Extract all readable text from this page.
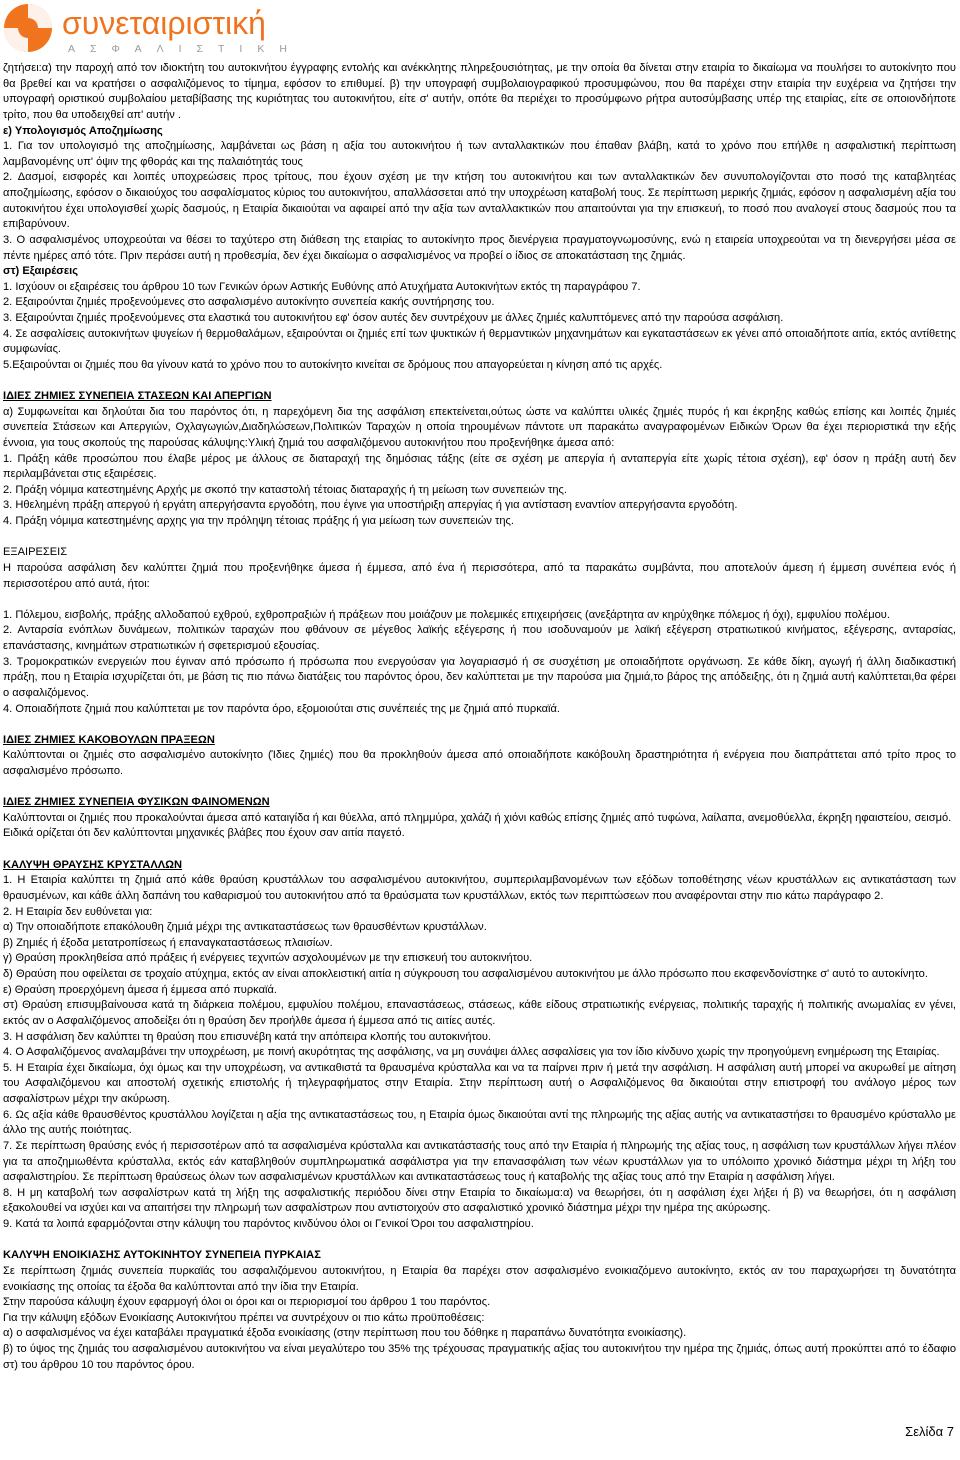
συνεταιριστική
ΑΣΦΑΛΙΣΤΙΚΗ

ζητήσει:α) την παροχή από τον ιδιοκτήτη του αυτοκινήτου έγγραφης εντολής και ανέκκλητης πληρεξουσιότητας, με την οποία θα δίνεται στην εταιρία το δικαίωμα να πουλήσει το αυτοκίνητο που θα βρεθεί και να κρατήσει ο ασφαλιζόμενος το τίμημα, εφόσον το επιθυμεί. β) την υπογραφή συμβολαιογραφικού προσυμφώνου, που θα παρέχει στην εταιρία την ευχέρεια να ζητήσει την υπογραφή οριστικού συμβολαίου μεταβίβασης της κυριότητας του αυτοκινήτου, είτε σ' αυτήν, οπότε θα περιέχει το προσύμφωνο ρήτρα αυτοσύμβασης υπέρ της εταιρίας, είτε σε οποιονδήποτε τρίτο, που θα υποδειχθεί απ' αυτήν .

ε) Υπολογισμός Αποζημίωσης

1. Για τον υπολογισμό της αποζημίωσης, λαμβάνεται ως βάση η αξία του αυτοκινήτου ή των ανταλλακτικών που έπαθαν βλάβη, κατά το χρόνο που επήλθε η ασφαλιστική περίπτωση λαμβανομένης υπ' όψιν της φθοράς και της παλαιότητάς τους

2. Δασμοί, εισφορές και λοιπές υποχρεώσεις προς τρίτους, που έχουν σχέση με την κτήση του αυτοκινήτου και των ανταλλακτικών δεν συνυπολογίζονται στο ποσό της καταβλητέας αποζημίωσης, εφόσον ο δικαιούχος του ασφαλίσματος κύριος του αυτοκινήτου, απαλλάσσεται από την υποχρέωση καταβολή τους. Σε περίπτωση μερικής ζημιάς, εφόσον η ασφαλισμένη αξία του αυτοκινήτου έχει υπολογισθεί χωρίς δασμούς, η Εταιρία δικαιούται να αφαιρεί από την αξία των ανταλλακτικών που απαιτούνται για την επισκευή, το ποσό που αναλογεί στους δασμούς που τα επιβαρύνουν.

3. Ο ασφαλισμένος υποχρεούται να θέσει το ταχύτερο στη διάθεση της εταιρίας το αυτοκίνητο προς διενέργεια πραγματογνωμοσύνης, ενώ η εταιρεία υποχρεούται να τη διενεργήσει μέσα σε πέντε ημέρες από τότε. Πριν περάσει αυτή η προθεσμία, δεν έχει δικαίωμα ο ασφαλισμένος να προβεί ο ίδιος σε αποκατάσταση της ζημιάς.

στ) Εξαιρέσεις

1. Ισχύουν οι εξαιρέσεις του άρθρου 10 των Γενικών όρων Αστικής Ευθύνης από Ατυχήματα Αυτοκινήτων εκτός τη παραγράφου 7.

2. Εξαιρούνται ζημιές προξενούμενες στο ασφαλισμένο αυτοκίνητο συνεπεία κακής συντήρησης του.

3. Εξαιρούνται ζημιές προξενούμενες στα ελαστικά του αυτοκινήτου εφ' όσον αυτές δεν συντρέχουν με άλλες ζημιές καλυπτόμενες από την παρούσα ασφάλιση.

4. Σε ασφαλίσεις αυτοκινήτων ψυγείων ή θερμοθαλάμων, εξαιρούνται οι ζημιές επί των ψυκτικών ή θερμαντικών μηχανημάτων και εγκαταστάσεων εκ γένει από οποιαδήποτε αιτία, εκτός αντίθετης συμφωνίας.

5.Εξαιρούνται οι ζημιές που θα γίνουν κατά το χρόνο που το αυτοκίνητο κινείται σε δρόμους που απαγορεύεται η κίνηση από τις αρχές.

ΙΔΙΕΣ ΖΗΜΙΕΣ ΣΥΝΕΠΕΙΑ ΣΤΑΣΕΩΝ ΚΑΙ ΑΠΕΡΓΙΩΝ

α) Συμφωνείται και δηλούται δια του παρόντος ότι, η παρεχόμενη δια της ασφάλιση επεκτείνεται,ούτως ώστε να καλύπτει υλικές ζημιές πυρός ή και έκρηξης καθώς επίσης και λοιπές ζημιές συνεπεία Στάσεων και Απεργιών, Οχλαγωγιών,Διαδηλώσεων,Πολιτικών Ταραχών η οποία τηρουμένων πάντοτε υπ παρακάτω αναγραφομένων Ειδικών Όρων θα έχει περιοριστικά την εξής έννοια, για τους σκοπούς της παρούσας κάλυψης:Υλική ζημιά του ασφαλιζόμενου αυτοκινήτου που προξενήθηκε άμεσα από:

1. Πράξη κάθε προσώπου που έλαβε μέρος με άλλους σε διαταραχή της δημόσιας τάξης (είτε σε σχέση με απεργία ή ανταπεργία είτε χωρίς τέτοια σχέση), εφ' όσον η πράξη αυτή δεν περιλαμβάνεται στις εξαιρέσεις.

2. Πράξη νόμιμα κατεστημένης Αρχής με σκοπό την καταστολή τέτοιας διαταραχής ή τη μείωση των συνεπειών της.

3. Ηθελημένη πράξη απεργού ή εργάτη απεργήσαντα εργοδότη, που έγινε για υποστήριξη απεργίας ή για αντίσταση εναντίον απεργήσαντα εργοδότη.

4. Πράξη νόμιμα κατεστημένης αρχης για την πρόληψη τέτοιας πράξης ή για μείωση των συνεπειών της.

ΕΞΑΙΡΕΣΕΙΣ

Η παρούσα ασφάλιση δεν καλύπτει ζημιά που προξενήθηκε άμεσα ή έμμεσα, από ένα ή περισσότερα, από τα παρακάτω συμβάντα, που αποτελούν άμεση ή έμμεση συνέπεια ενός ή περισσοτέρου από αυτά, ήτοι:

1. Πόλεμου, εισβολής, πράξης αλλοδαπού εχθρού, εχθροπραξιών ή πράξεων που μοιάζουν με πολεμικές επιχειρήσεις (ανεξάρτητα αν κηρύχθηκε πόλεμος ή όχι), εμφυλίου πολέμου.

2. Ανταρσία ενόπλων δυνάμεων, πολιτικών ταραχών που φθάνουν σε μέγεθος λαϊκής εξέγερσης ή που ισοδυναμούν με λαϊκή εξέγερση στρατιωτικού κινήματος, εξέγερσης, ανταρσίας, επανάστασης, κινημάτων στρατιωτικών ή σφετερισμού εξουσίας.

3. Τρομοκρατικών ενεργειών που έγιναν από πρόσωπο ή πρόσωπα που ενεργούσαν για λογαριασμό ή σε συσχέτιση με οποιαδήποτε οργάνωση. Σε κάθε δίκη, αγωγή ή άλλη διαδικαστική πράξη, που η Εταιρία ισχυρίζεται ότι, με βάση τις πιο πάνω διατάξεις του παρόντος όρου, δεν καλύπτεται με την παρούσα μια ζημιά,το βάρος της απόδειξης, ότι η ζημιά αυτή καλύπτεται,θα φέρει ο ασφαλιζόμενος.

4. Οποιαδήποτε ζημιά που καλύπτεται με τον παρόντα όρο, εξομοιούται στις συνέπειές της με ζημιά από πυρκαϊά.

ΙΔΙΕΣ ΖΗΜΙΕΣ ΚΑΚΟΒΟΥΛΩΝ ΠΡΑΞΕΩΝ

Καλύπτονται οι ζημιές στο ασφαλισμένο αυτοκίνητο (Ίδιες ζημιές) που θα προκληθούν άμεσα από οποιαδήποτε κακόβουλη δραστηριότητα ή ενέργεια που διαπράττεται από τρίτο προς το ασφαλισμένο πρόσωπο.

ΙΔΙΕΣ ΖΗΜΙΕΣ ΣΥΝΕΠΕΙΑ ΦΥΣΙΚΩΝ ΦΑΙΝΟΜΕΝΩΝ

Καλύπτονται οι ζημιές που προκαλούνται άμεσα από καταιγίδα ή και θύελλα, από πλημμύρα, χαλάζι ή χιόνι καθώς επίσης ζημιές από τυφώνα, λαίλαπα, ανεμοθύελλα, έκρηξη ηφαιστείου, σεισμό.

Ειδικά ορίζεται ότι δεν καλύπτονται μηχανικές βλάβες που έχουν σαν αιτία παγετό.

ΚΑΛΥΨΗ ΘΡΑΥΣΗΣ ΚΡΥΣΤΑΛΛΩΝ

1. Η Εταιρία καλύπτει τη ζημιά από κάθε θραύση κρυστάλλων του ασφαλισμένου αυτοκινήτου, συμπεριλαμβανομένων των εξόδων τοποθέτησης νέων κρυστάλλων εις αντικατάσταση των θραυσμένων, και κάθε άλλη δαπάνη του καθαρισμού του αυτοκινήτου από τα θραύσματα των κρυστάλλων, εκτός των περιπτώσεων που αναφέρονται στην πιο κάτω παράγραφο 2.

2. Η Εταιρία δεν ευθύνεται για:

α) Την οποιαδήποτε επακόλουθη ζημιά μέχρι της αντικαταστάσεως των θραυσθέντων κρυστάλλων.

β) Ζημιές ή έξοδα μετατροπίσεως ή επαναγκαταστάσεως πλαισίων.

γ) Θραύση προκληθείσα από πράξεις ή ενέργειες τεχνιτών ασχολουμένων με την επισκευή του αυτοκινήτου.

δ) Θραύση που οφείλεται σε τροχαίο ατύχημα, εκτός αν είναι αποκλειστική αιτία η σύγκρουση του ασφαλισμένου αυτοκινήτου με άλλο πρόσωπο που εκσφενδονίστηκε σ' αυτό το αυτοκίνητο.

ε) Θραύση προερχόμενη άμεσα ή έμμεσα από πυρκαϊά.

στ) Θραύση επισυμβαίνουσα κατά τη διάρκεια πολέμου, εμφυλίου πολέμου, επαναστάσεως, στάσεως, κάθε είδους στρατιωτικής ενέργειας, πολιτικής ταραχής ή πολιτικής ανωμαλίας εν γένει, εκτός αν ο Ασφαλιζόμενος αποδείξει ότι η θραύση δεν προήλθε άμεσα ή έμμεσα από τις αιτίες αυτές.

3. Η ασφάλιση δεν καλύπτει τη θραύση που επισυνέβη κατά την απόπειρα κλοπής του αυτοκινήτου.

4. Ο Ασφαλιζόμενος αναλαμβάνει την υποχρέωση, με ποινή ακυρότητας της ασφάλισης, να μη συνάψει άλλες ασφαλίσεις για τον ίδιο κίνδυνο χωρίς την προηγούμενη ενημέρωση της Εταιρίας.

5. Η Εταιρία έχει δικαίωμα, όχι όμως και την υποχρέωση, να αντικαθιστά τα θραυσμένα κρύσταλλα και να τα παίρνει πριν ή μετά την ασφάλιση. Η ασφάλιση αυτή μπορεί να ακυρωθεί με αίτηση του Ασφαλιζόμενου και αποστολή σχετικής επιστολής ή τηλεγραφήματος στην Εταιρία. Στην περίπτωση αυτή ο Ασφαλιζόμενος θα δικαιούται στην επιστροφή του ανάλογο μέρος των ασφαλίστρων μέχρι την ακύρωση.

6. Ως αξία κάθε θραυσθέντος κρυστάλλου λογίζεται η αξία της αντικαταστάσεως του, η Εταιρία όμως δικαιούται αντί της πληρωμής της αξίας αυτής να αντικαταστήσει το θραυσμένο κρύσταλλο με άλλο της αυτής ποιότητας.

7. Σε περίπτωση θραύσης ενός ή περισσοτέρων από τα ασφαλισμένα κρύσταλλα και αντικατάστασής τους από την Εταιρία ή πληρωμής της αξίας τους, η ασφάλιση των κρυστάλλων λήγει πλέον για τα αποζημιωθέντα κρύσταλλα, εκτός εάν καταβληθούν συμπληρωματικά ασφάλιστρα για την επανασφάλιση των νέων κρυστάλλων για το υπόλοιπο χρονικό διάστημα μέχρι τη λήξη του ασφαλιστηρίου. Σε περίπτωση θραύσεως όλων των ασφαλισμένων κρυστάλλων και αντικαταστάσεως τους ή καταβολής της αξίας τους από την Εταιρία η ασφάλιση λήγει.

8. Η μη καταβολή των ασφαλίστρων κατά τη λήξη της ασφαλιστικής περιόδου δίνει στην Εταιρία το δικαίωμα:α) να θεωρήσει, ότι η ασφάλιση έχει λήξει ή β) να θεωρήσει, ότι η ασφάλιση εξακολουθεί να ισχύει και να απαιτήσει την πληρωμή των ασφαλίστρων που αντιστοιχούν στο ασφαλιστικό χρονικό διάστημα μέχρι την ημέρα της ακύρωσης.

9. Κατά τα λοιπά εφαρμόζονται στην κάλυψη του παρόντος κινδύνου όλοι οι Γενικοί Όροι του ασφαλιστηρίου.

ΚΑΛΥΨΗ ΕΝΟΙΚΙΑΣΗΣ ΑΥΤΟΚΙΝΗΤΟΥ ΣΥΝΕΠΕΙΑ ΠΥΡΚΑΙΑΣ

Σε περίπτωση ζημιάς συνεπεία πυρκαϊάς του ασφαλιζόμενου αυτοκινήτου, η Εταιρία θα παρέχει στον ασφαλισμένο ενοικιαζόμενο αυτοκίνητο, εκτός αν του παραχωρήσει τη δυνατότητα ενοικίασης της οποίας τα έξοδα θα καλύπτονται από την ίδια την Εταιρία.

Στην παρούσα κάλυψη έχουν εφαρμογή όλοι οι όροι και οι περιορισμοί του άρθρου 1 του παρόντος.

Για την κάλυψη εξόδων Ενοικίασης Αυτοκινήτου πρέπει να συντρέχουν οι πιο κάτω προϋποθέσεις:

α) ο ασφαλισμένος να έχει καταβάλει πραγματικά έξοδα ενοικίασης (στην περίπτωση που του δόθηκε η παραπάνω δυνατότητα ενοικίασης).

β) το ύψος της ζημιάς του ασφαλισμένου αυτοκινήτου να είναι μεγαλύτερο του 35% της τρέχουσας πραγματικής αξίας του αυτοκινήτου την ημέρα της ζημιάς, όπως αυτή προκύπτει από το έδαφιο στ) του άρθρου 10 του παρόντος όρου.

Σελίδα 7
